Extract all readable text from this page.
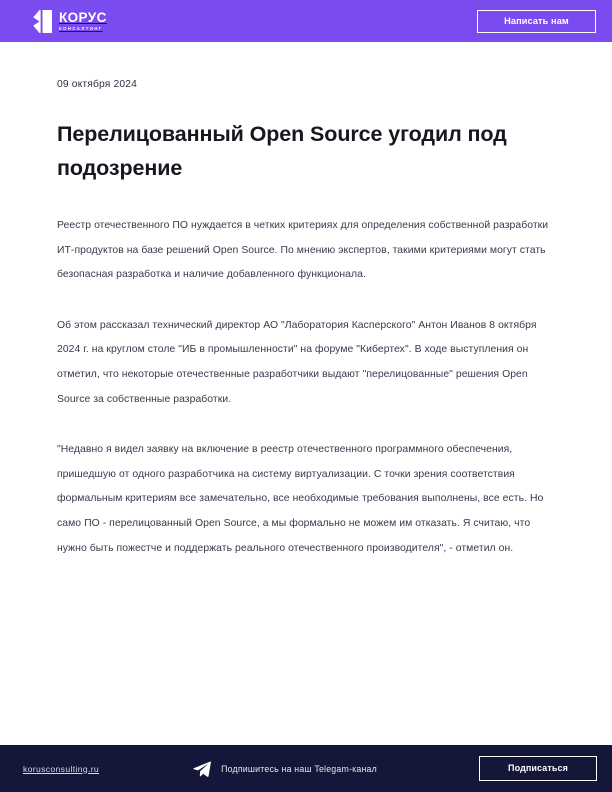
КОРУС
КОНСАЛТИНГ
Написать нам
09 октября 2024
Перелицованный Open Source угодил под подозрение

Реестр отечественного ПО нуждается в четких критериях для определения собственной разработки ИТ-продуктов на базе решений Open Source. По мнению экспертов, такими критериями могут стать безопасная разработка и наличие добавленного функционала.

Об этом рассказал технический директор АО "Лаборатория Касперского" Антон Иванов 8 октября 2024 г. на круглом столе "ИБ в промышленности" на форуме "Кибертех". В ходе выступления он отметил, что некоторые отечественные разработчики выдают "перелицованные" решения Open Source за собственные разработки.

"Недавно я видел заявку на включение в реестр отечественного программного обеспечения, пришедшую от одного разработчика на систему виртуализации. С точки зрения соответствия формальным критериям все замечательно, все необходимые требования выполнены, все есть. Но само ПО - перелицованный Open Source, а мы формально не можем им отказать. Я считаю, что нужно быть пожестче и поддержать реального отечественного производителя", - отметил он.

korusconsulting.ru	Подпишитесь на наш Telegam-канал	Подписаться
